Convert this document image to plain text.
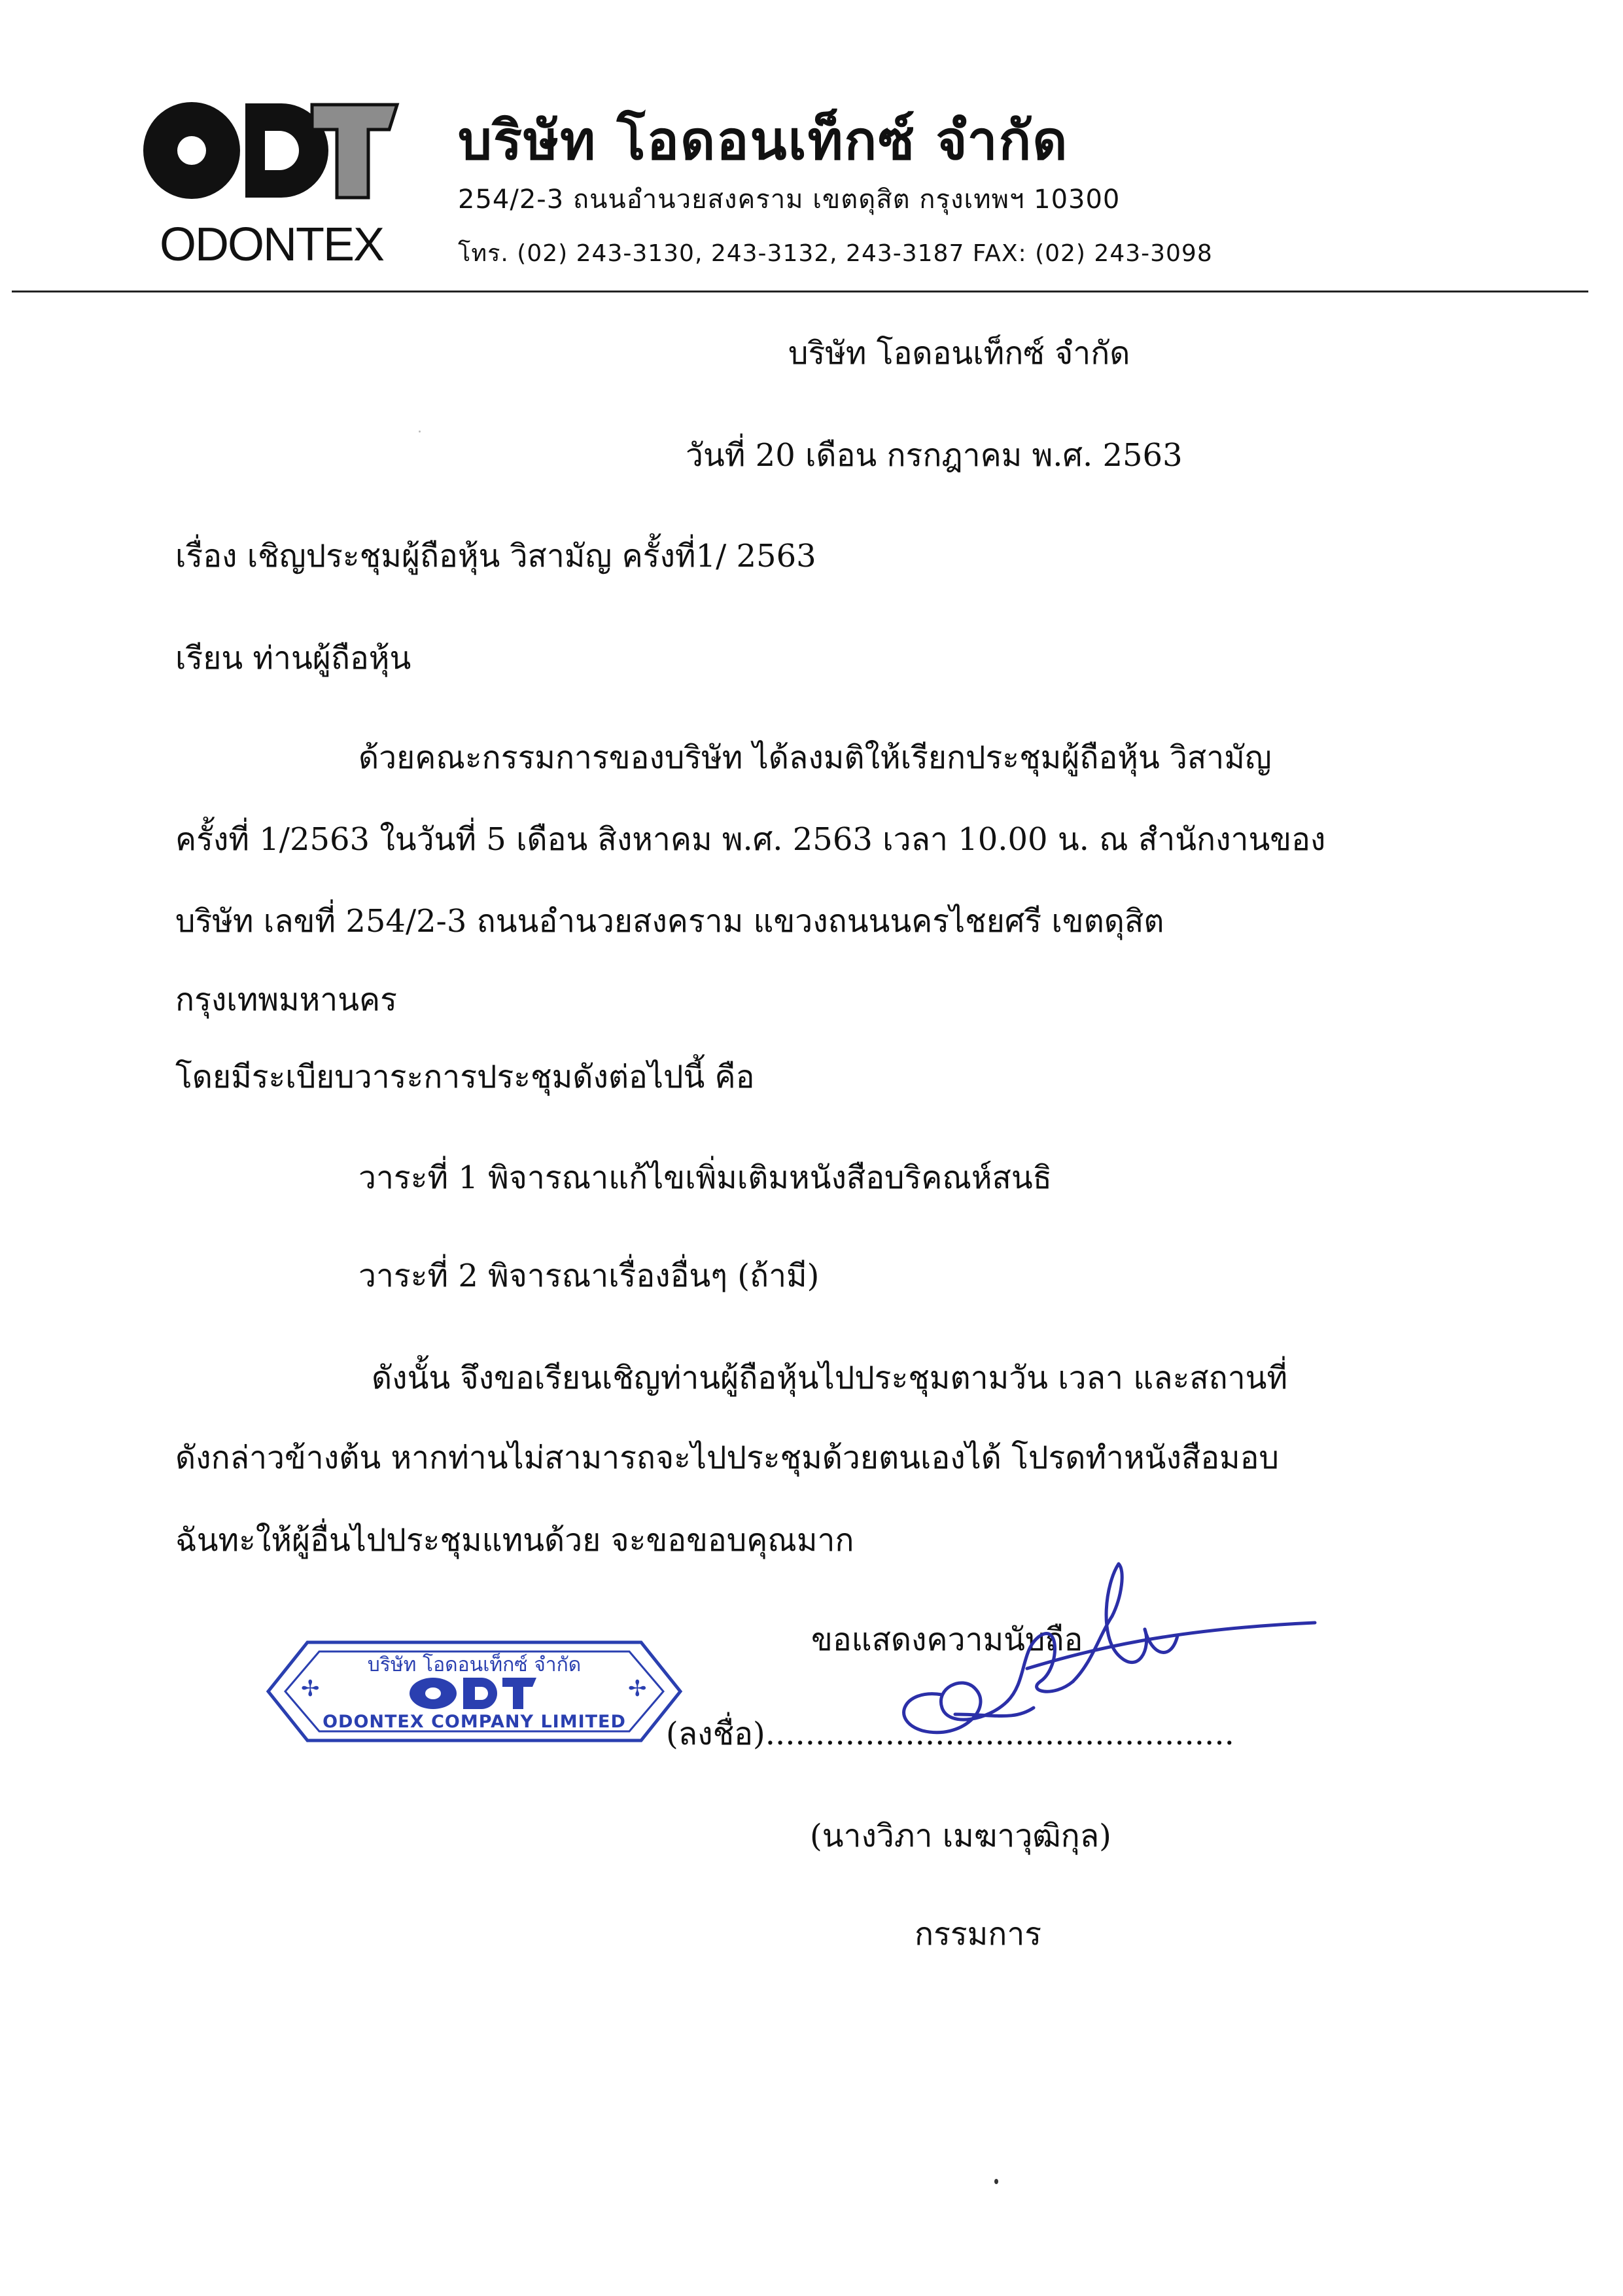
ODONTEX
บริษัท โอดอนเท็กซ์ จำกัด
254/2-3 ถนนอำนวยสงคราม เขตดุสิต กรุงเทพฯ 10300
โทร. (02) 243-3130, 243-3132, 243-3187 FAX: (02) 243-3098
บริษัท โอดอนเท็กซ์ จำกัด
วันที่ 20 เดือน กรกฎาคม พ.ศ. 2563
เรื่อง เชิญประชุมผู้ถือหุ้น วิสามัญ ครั้งที่1/ 2563
เรียน ท่านผู้ถือหุ้น
ด้วยคณะกรรมการของบริษัท ได้ลงมติให้เรียกประชุมผู้ถือหุ้น วิสามัญ
ครั้งที่ 1/2563 ในวันที่ 5 เดือน สิงหาคม พ.ศ. 2563 เวลา 10.00 น. ณ สำนักงานของ
บริษัท เลขที่ 254/2-3 ถนนอำนวยสงคราม แขวงถนนนครไชยศรี เขตดุสิต
กรุงเทพมหานคร
โดยมีระเบียบวาระการประชุมดังต่อไปนี้ คือ
วาระที่ 1 พิจารณาแก้ไขเพิ่มเติมหนังสือบริคณห์สนธิ
วาระที่ 2 พิจารณาเรื่องอื่นๆ (ถ้ามี)
ดังนั้น จึงขอเรียนเชิญท่านผู้ถือหุ้นไปประชุมตามวัน เวลา และสถานที่
ดังกล่าวข้างต้น หากท่านไม่สามารถจะไปประชุมด้วยตนเองได้ โปรดทำหนังสือมอบ
ฉันทะให้ผู้อื่นไปประชุมแทนด้วย จะขอขอบคุณมาก
ขอแสดงความนับถือ
(ลงชื่อ)...............................................
(นางวิภา เมฆาวุฒิกุล)
กรรมการ
✢	✢
บริษัท โอดอนเท็กซ์ จำกัด
ODONTEX COMPANY LIMITED
